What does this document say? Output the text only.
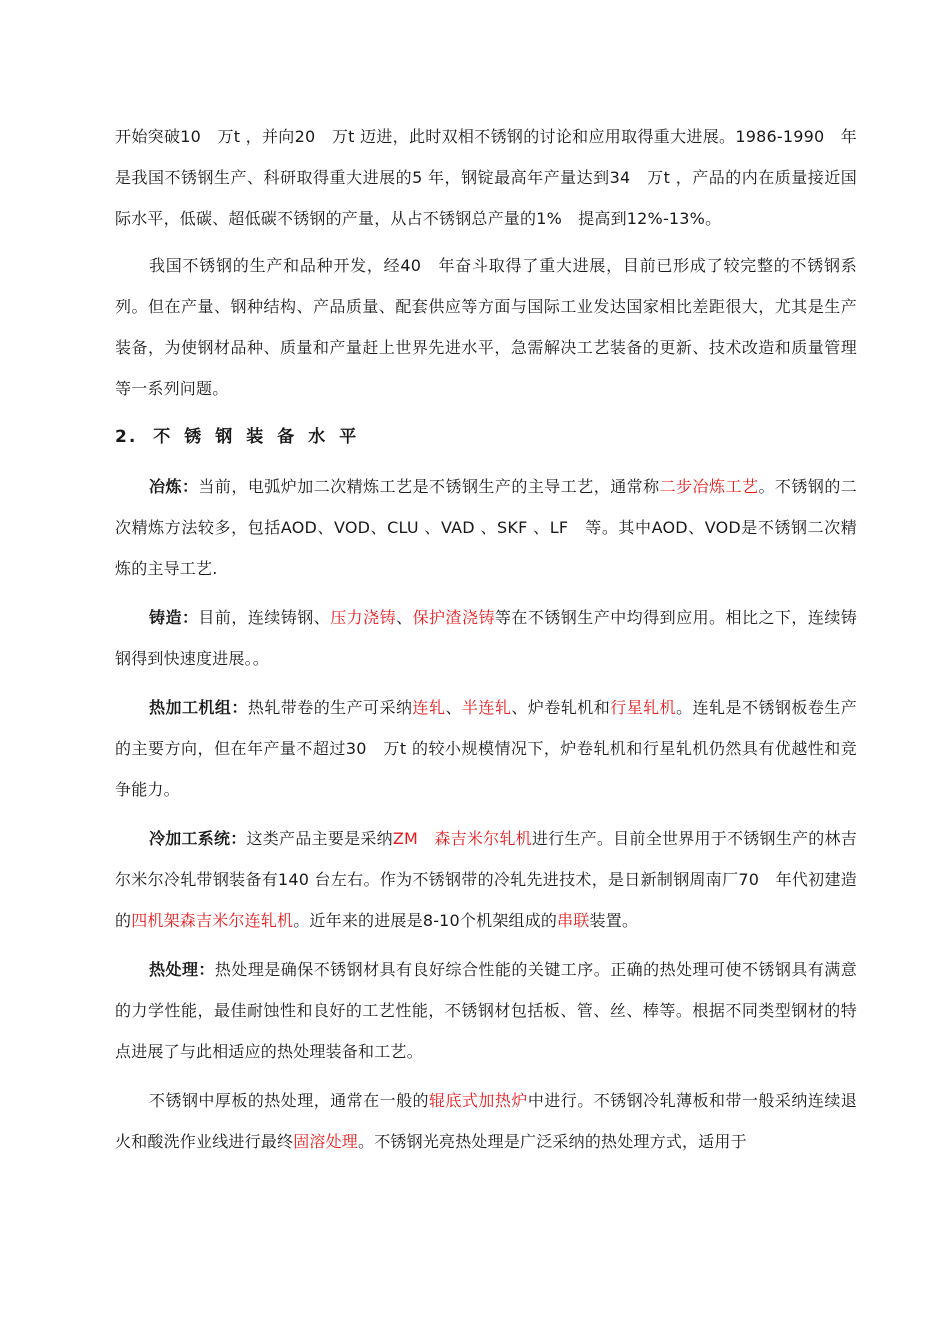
开始突破10　万t ，并向20　万t 迈进，此时双相不锈钢的讨论和应用取得重大进展。1986-1990　年是我国不锈钢生产、科研取得重大进展的5 年，钢锭最高年产量达到34　万t ，产品的内在质量接近国际水平，低碳、超低碳不锈钢的产量，从占不锈钢总产量的1%　提高到12%-13%。

我国不锈钢的生产和品种开发，经40　年奋斗取得了重大进展，目前已形成了较完整的不锈钢系列。但在产量、钢种结构、产品质量、配套供应等方面与国际工业发达国家相比差距很大，尤其是生产装备，为使钢材品种、质量和产量赶上世界先进水平，急需解决工艺装备的更新、技术改造和质量管理等一系列问题。

2. 不锈钢装备水平

冶炼：当前，电弧炉加二次精炼工艺是不锈钢生产的主导工艺，通常称二步冶炼工艺。不锈钢的二次精炼方法较多，包括AOD、VOD、CLU 、VAD 、SKF 、LF　等。其中AOD、VOD是不锈钢二次精炼的主导工艺.

铸造：目前，连续铸钢、压力浇铸、保护渣浇铸等在不锈钢生产中均得到应用。相比之下，连续铸钢得到快速度进展。。

热加工机组：热轧带卷的生产可采纳连轧、半连轧、炉卷轧机和行星轧机。连轧是不锈钢板卷生产的主要方向，但在年产量不超过30　万t 的较小规模情况下，炉卷轧机和行星轧机仍然具有优越性和竞争能力。

冷加工系统：这类产品主要是采纳ZM　森吉米尔轧机进行生产。目前全世界用于不锈钢生产的林吉尔米尔冷轧带钢装备有140 台左右。作为不锈钢带的冷轧先进技术，是日新制钢周南厂70　年代初建造的四机架森吉米尔连轧机。近年来的进展是8-10个机架组成的串联装置。

热处理：热处理是确保不锈钢材具有良好综合性能的关键工序。正确的热处理可使不锈钢具有满意的力学性能，最佳耐蚀性和良好的工艺性能，不锈钢材包括板、管、丝、棒等。根据不同类型钢材的特点进展了与此相适应的热处理装备和工艺。

不锈钢中厚板的热处理，通常在一般的辊底式加热炉中进行。不锈钢冷轧薄板和带一般采纳连续退火和酸洗作业线进行最终固溶处理。不锈钢光亮热处理是广泛采纳的热处理方式，适用于
